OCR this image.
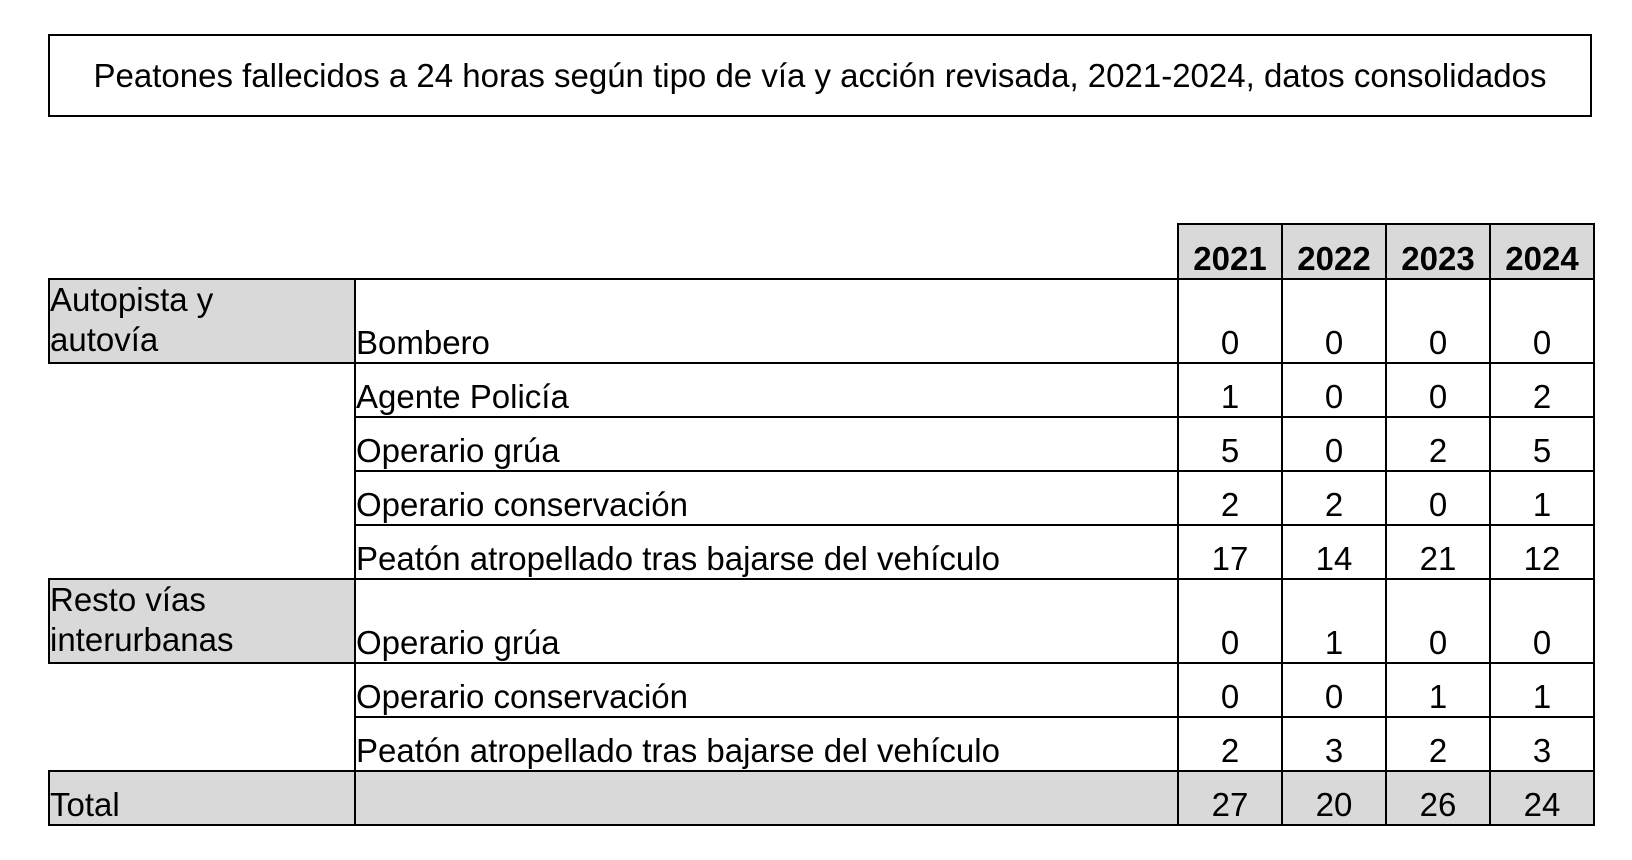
Peatones fallecidos a 24 horas según tipo de vía y acción revisada, 2021-2024, datos consolidados
		2021	2022	2023	2024
Autopista y
autovía	Bombero	0	0	0	0
	Agente Policía	1	0	0	2
	Operario grúa	5	0	2	5
	Operario conservación	2	2	0	1
	Peatón atropellado tras bajarse del vehículo	17	14	21	12
Resto vías
interurbanas	Operario grúa	0	1	0	0
	Operario conservación	0	0	1	1
	Peatón atropellado tras bajarse del vehículo	2	3	2	3
Total		27	20	26	24
